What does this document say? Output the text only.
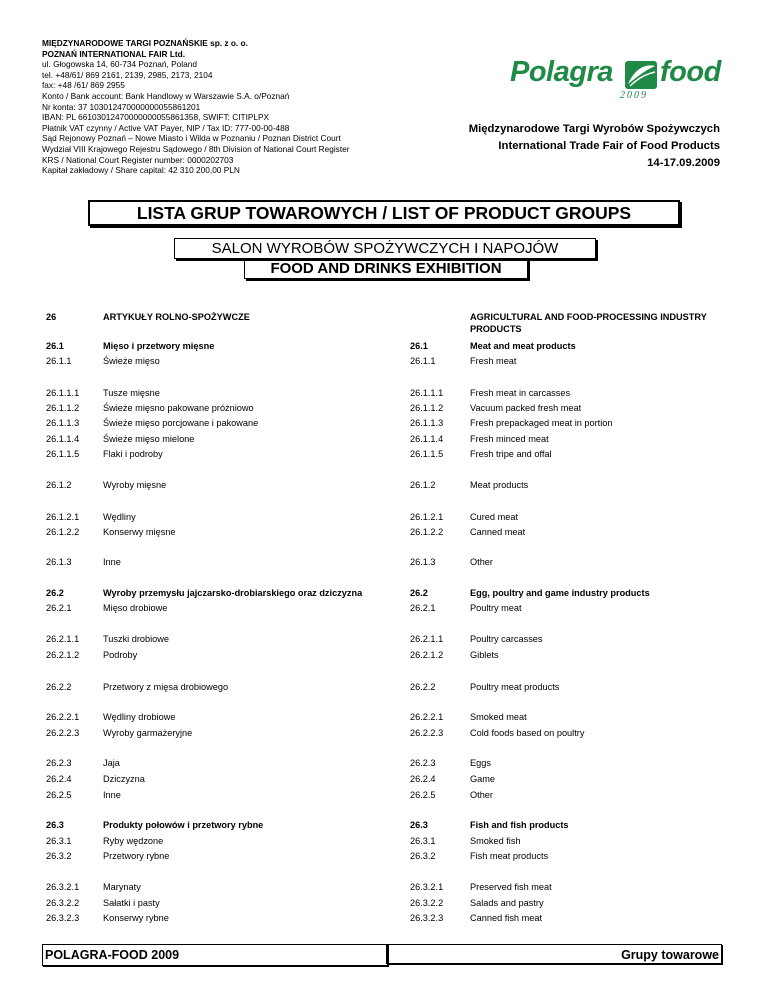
MIĘDZYNARODOWE TARGI POZNAŃSKIE sp. z o. o.
POZNAŃ INTERNATIONAL FAIR Ltd.
ul. Głogowska 14, 60-734 Poznań, Poland
tel. +48/61/ 869 2161, 2139, 2985, 2173, 2104
fax: +48 /61/ 869 2955
Konto / Bank account: Bank Handlowy w Warszawie S.A. o/Poznań
Nr konta: 37 103012470000000055861201
IBAN: PL 66103012470000000055861358, SWIFT: CITIPLPX
Płatnik VAT czynny / Active VAT Payer, NIP / Tax ID: 777-00-00-488
Sąd Rejonowy Poznań – Nowe Miasto i Wilda w Poznaniu / Poznan District Court
Wydział VIII Krajowego Rejestru Sądowego / 8th Division of National Court Register
KRS / National Court Register number: 0000202703
Kapitał zakładowy / Share capital: 42 310 200,00 PLN
Polagra food
2009
Międzynarodowe Targi Wyrobów Spożywczych
International Trade Fair of Food Products
14-17.09.2009
LISTA GRUP TOWAROWYCH / LIST OF PRODUCT GROUPS
SALON WYROBÓW SPOŻYWCZYCH I NAPOJÓW
FOOD AND DRINKS EXHIBITION
26	ARTYKUŁY ROLNO-SPOŻYWCZE	AGRICULTURAL AND FOOD-PROCESSING INDUSTRY
PRODUCTS
26.1	Mięso i przetwory mięsne	26.1	Meat and meat products
26.1.1	Świeże mięso	26.1.1	Fresh meat
26.1.1.1	Tusze mięsne	26.1.1.1	Fresh meat in carcasses
26.1.1.2	Świeże mięsno pakowane próżniowo	26.1.1.2	Vacuum packed fresh meat
26.1.1.3	Świeże mięso porcjowane i pakowane	26.1.1.3	Fresh prepackaged meat in portion
26.1.1.4	Świeże mięso mielone	26.1.1.4	Fresh minced meat
26.1.1.5	Flaki i podroby	26.1.1.5	Fresh tripe and offal
26.1.2	Wyroby mięsne	26.1.2	Meat products
26.1.2.1	Wędliny	26.1.2.1	Cured meat
26.1.2.2	Konserwy mięsne	26.1.2.2	Canned meat
26.1.3	Inne	26.1.3	Other
26.2	Wyroby przemysłu jajczarsko-drobiarskiego oraz dziczyzna	26.2	Egg, poultry and game industry products
26.2.1	Mięso drobiowe	26.2.1	Poultry meat
26.2.1.1	Tuszki drobiowe	26.2.1.1	Poultry carcasses
26.2.1.2	Podroby	26.2.1.2	Giblets
26.2.2	Przetwory z mięsa drobiowego	26.2.2	Poultry meat products
26.2.2.1	Wędliny drobiowe	26.2.2.1	Smoked meat
26.2.2.3	Wyroby garmażeryjne	26.2.2.3	Cold foods based on poultry
26.2.3	Jaja	26.2.3	Eggs
26.2.4	Dziczyzna	26.2.4	Game
26.2.5	Inne	26.2.5	Other
26.3	Produkty połowów i przetwory rybne	26.3	Fish and fish products
26.3.1	Ryby wędzone	26.3.1	Smoked fish
26.3.2	Przetwory rybne	26.3.2	Fish meat products
26.3.2.1	Marynaty	26.3.2.1	Preserved fish meat
26.3.2.2	Sałatki i pasty	26.3.2.2	Salads and pastry
26.3.2.3	Konserwy rybne	26.3.2.3	Canned fish meat
POLAGRA-FOOD 2009	Grupy towarowe
